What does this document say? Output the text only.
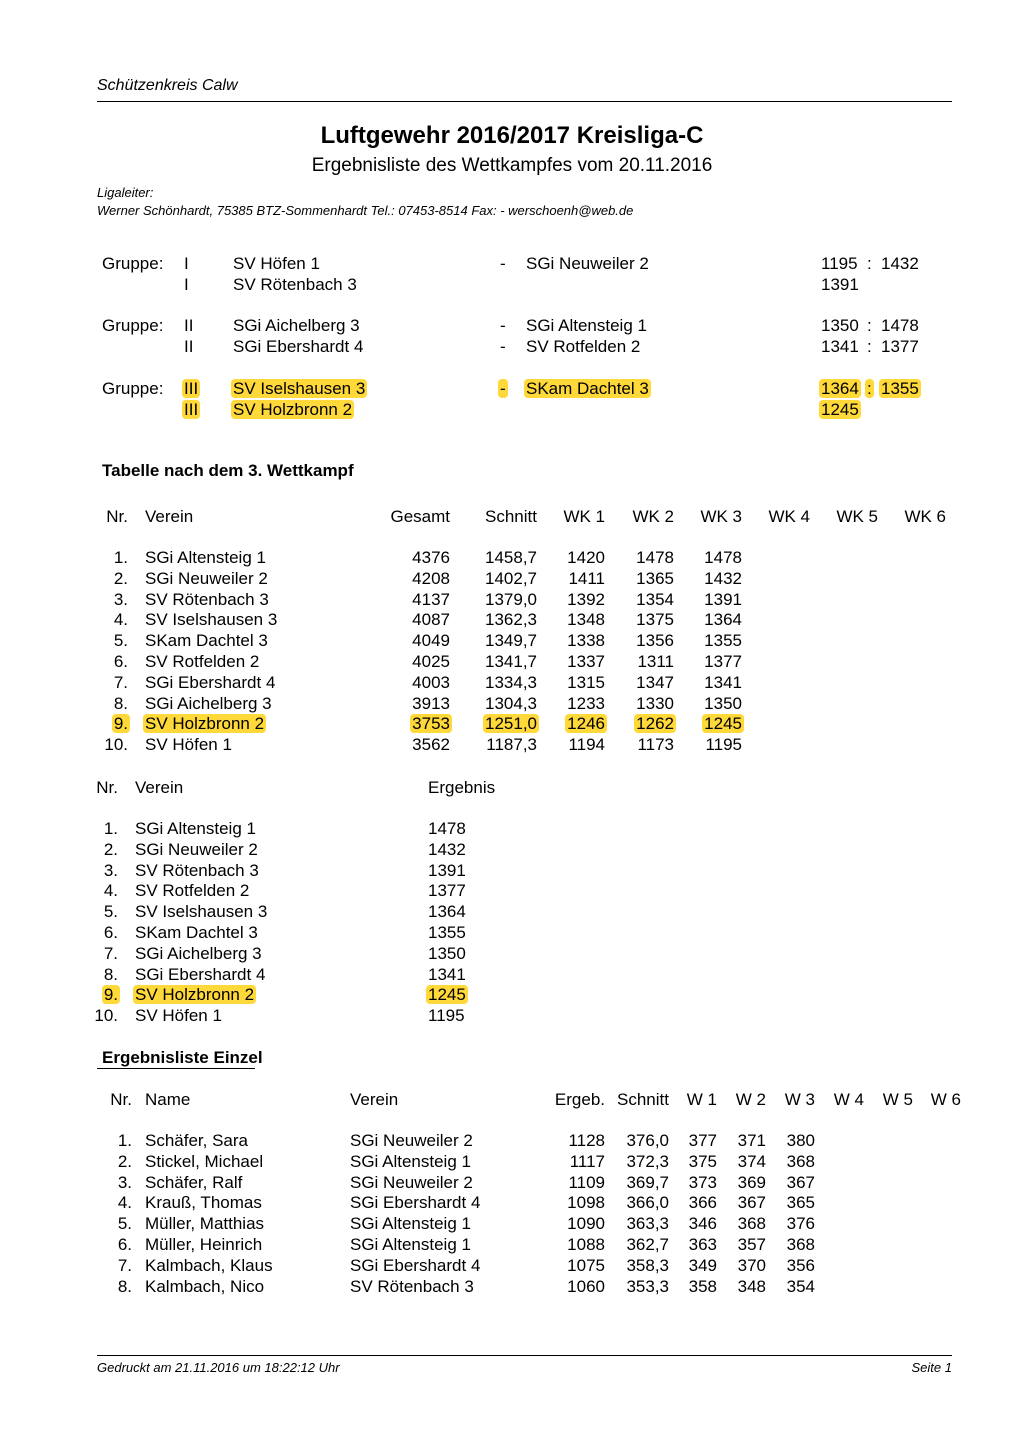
Schützenkreis Calw
Luftgewehr 2016/2017 Kreisliga-C
Ergebnisliste des Wettkampfes vom 20.11.2016
Ligaleiter:
Werner Schönhardt, 75385 BTZ-Sommenhardt Tel.: 07453-8514 Fax: - werschoenh@web.de
Gruppe: I	SV Höfen 1	- SGi Neuweiler 2	1195 : 1432
I	SV Rötenbach 3	1391
Gruppe: II SGi Aichelberg 3	- SGi Altensteig 1	1350 : 1478
II SGi Ebershardt 4	- SV Rotfelden 2	1341 : 1377
Gruppe: III SV Iselshausen 3	- SKam Dachtel 3	1364 : 1355
III SV Holzbronn 2	1245
Tabelle nach dem 3. Wettkampf
Nr. Verein	Gesamt	Schnitt	WK 1	WK 2	WK 3	WK 4	WK 5	WK 6
1. SGi Altensteig 1	4376	1458,7	1420	1478	1478
2. SGi Neuweiler 2	4208	1402,7	1411	1365	1432
3. SV Rötenbach 3	4137	1379,0	1392	1354	1391
4. SV Iselshausen 3	4087	1362,3	1348	1375	1364
5. SKam Dachtel 3	4049	1349,7	1338	1356	1355
6. SV Rotfelden 2	4025	1341,7	1337	1311	1377
7. SGi Ebershardt 4	4003	1334,3	1315	1347	1341
8. SGi Aichelberg 3	3913	1304,3	1233	1330	1350
9. SV Holzbronn 2	3753	1251,0	1246	1262	1245
10. SV Höfen 1	3562	1187,3	1194	1173	1195
Nr. Verein	Ergebnis
1. SGi Altensteig 1	1478
2. SGi Neuweiler 2	1432
3. SV Rötenbach 3	1391
4. SV Rotfelden 2	1377
5. SV Iselshausen 3	1364
6. SKam Dachtel 3	1355
7. SGi Aichelberg 3	1350
8. SGi Ebershardt 4	1341
9. SV Holzbronn 2	1245
10. SV Höfen 1	1195
Ergebnisliste Einzel
Nr. Name	Verein	Ergeb. Schnitt	W 1	W 2	W 3	W 4	W 5	W 6
1. Schäfer, Sara	SGi Neuweiler 2	1128	376,0	377	371	380
2. Stickel, Michael	SGi Altensteig 1	1117	372,3	375	374	368
3. Schäfer, Ralf	SGi Neuweiler 2	1109	369,7	373	369	367
4. Krauß, Thomas	SGi Ebershardt 4	1098	366,0	366	367	365
5. Müller, Matthias	SGi Altensteig 1	1090	363,3	346	368	376
6. Müller, Heinrich	SGi Altensteig 1	1088	362,7	363	357	368
7. Kalmbach, Klaus	SGi Ebershardt 4	1075	358,3	349	370	356
8. Kalmbach, Nico	SV Rötenbach 3	1060	353,3	358	348	354
Gedruckt am 21.11.2016 um 18:22:12 Uhr	Seite 1
